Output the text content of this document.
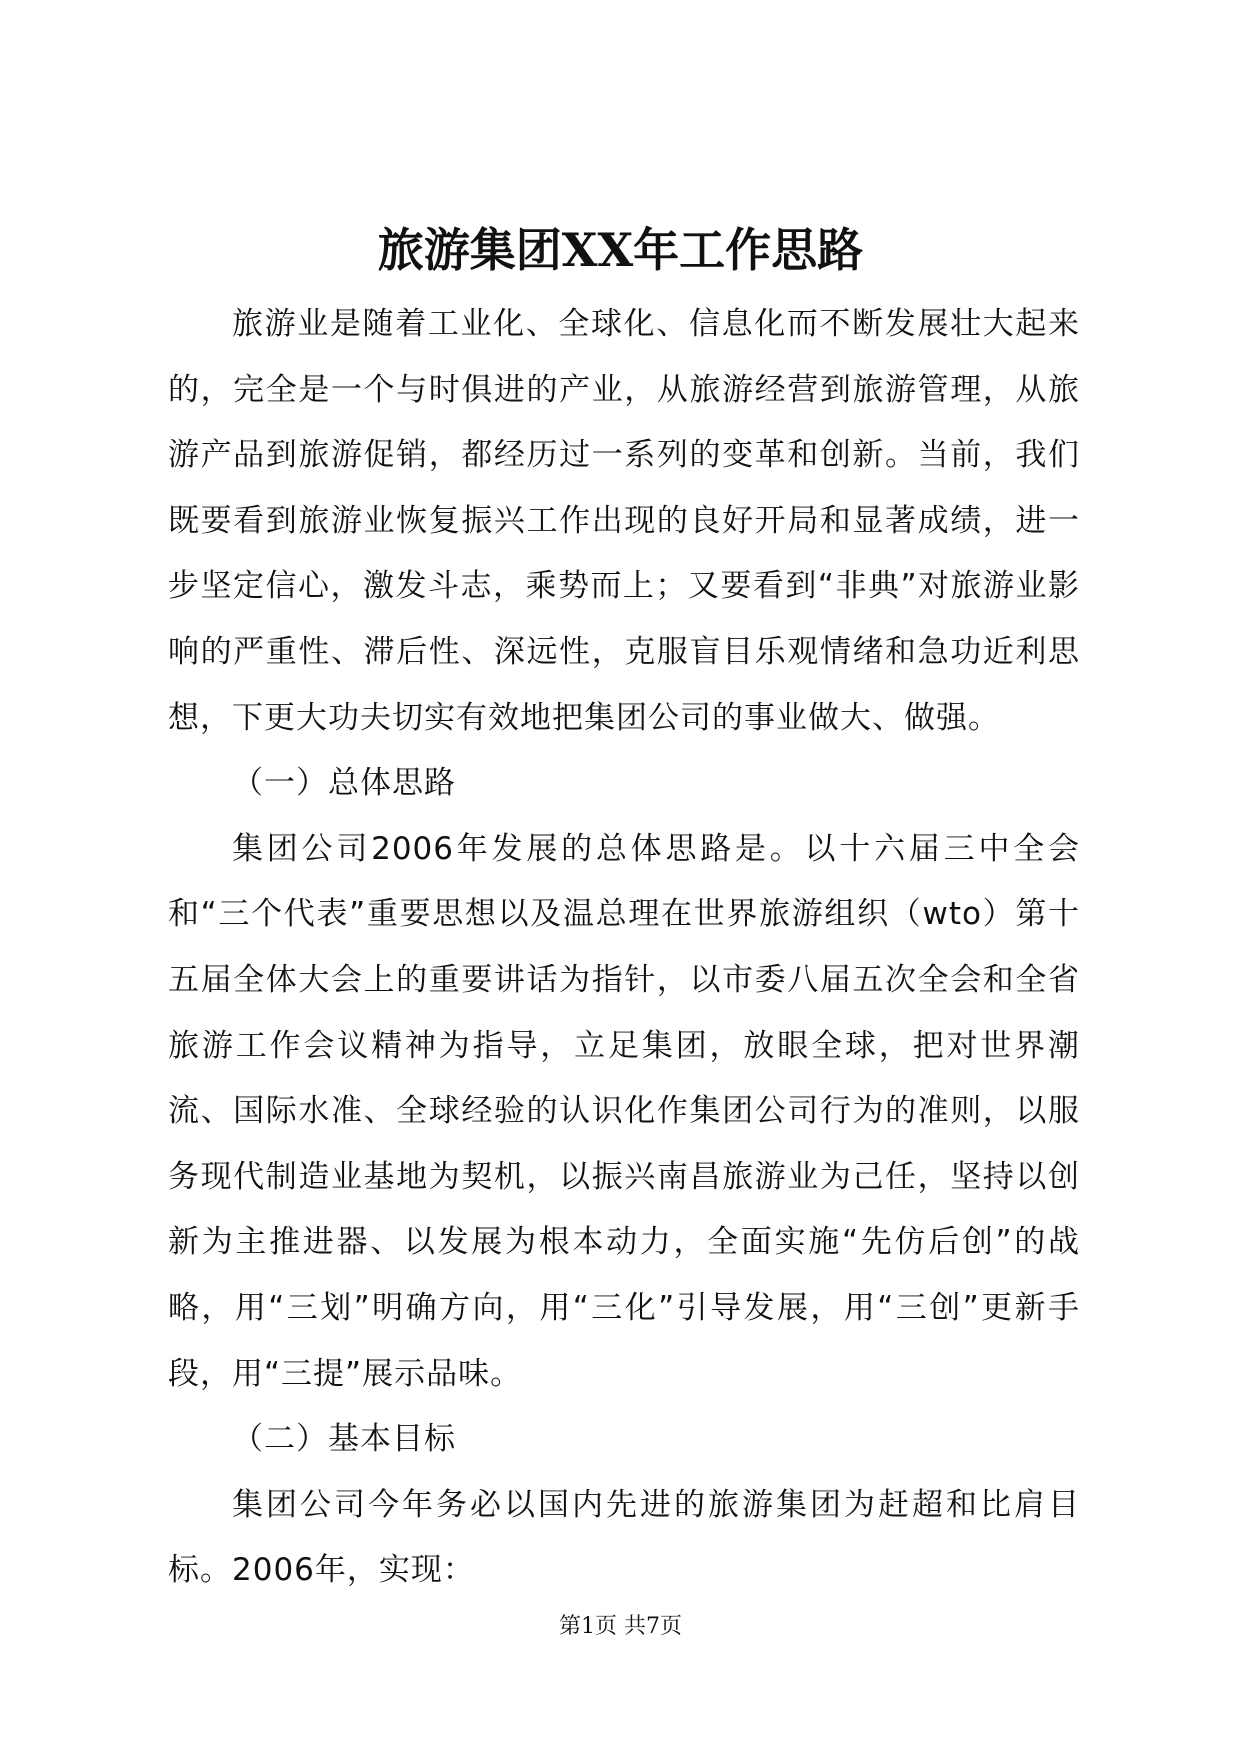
旅游集团XX年工作思路

旅游业是随着工业化、全球化、信息化而不断发展壮大起来的，完全是一个与时俱进的产业，从旅游经营到旅游管理，从旅游产品到旅游促销，都经历过一系列的变革和创新。当前，我们既要看到旅游业恢复振兴工作出现的良好开局和显著成绩，进一步坚定信心，激发斗志，乘势而上；又要看到“非典”对旅游业影响的严重性、滞后性、深远性，克服盲目乐观情绪和急功近利思想，下更大功夫切实有效地把集团公司的事业做大、做强。

（一）总体思路

集团公司2006年发展的总体思路是。以十六届三中全会和“三个代表”重要思想以及温总理在世界旅游组织（wto）第十五届全体大会上的重要讲话为指针，以市委八届五次全会和全省旅游工作会议精神为指导，立足集团，放眼全球，把对世界潮流、国际水准、全球经验的认识化作集团公司行为的准则，以服务现代制造业基地为契机，以振兴南昌旅游业为己任，坚持以创新为主推进器、以发展为根本动力，全面实施“先仿后创”的战略，用“三划”明确方向，用“三化”引导发展，用“三创”更新手段，用“三提”展示品味。

（二）基本目标

集团公司今年务必以国内先进的旅游集团为赶超和比肩目标。2006年，实现：

第1页 共7页
